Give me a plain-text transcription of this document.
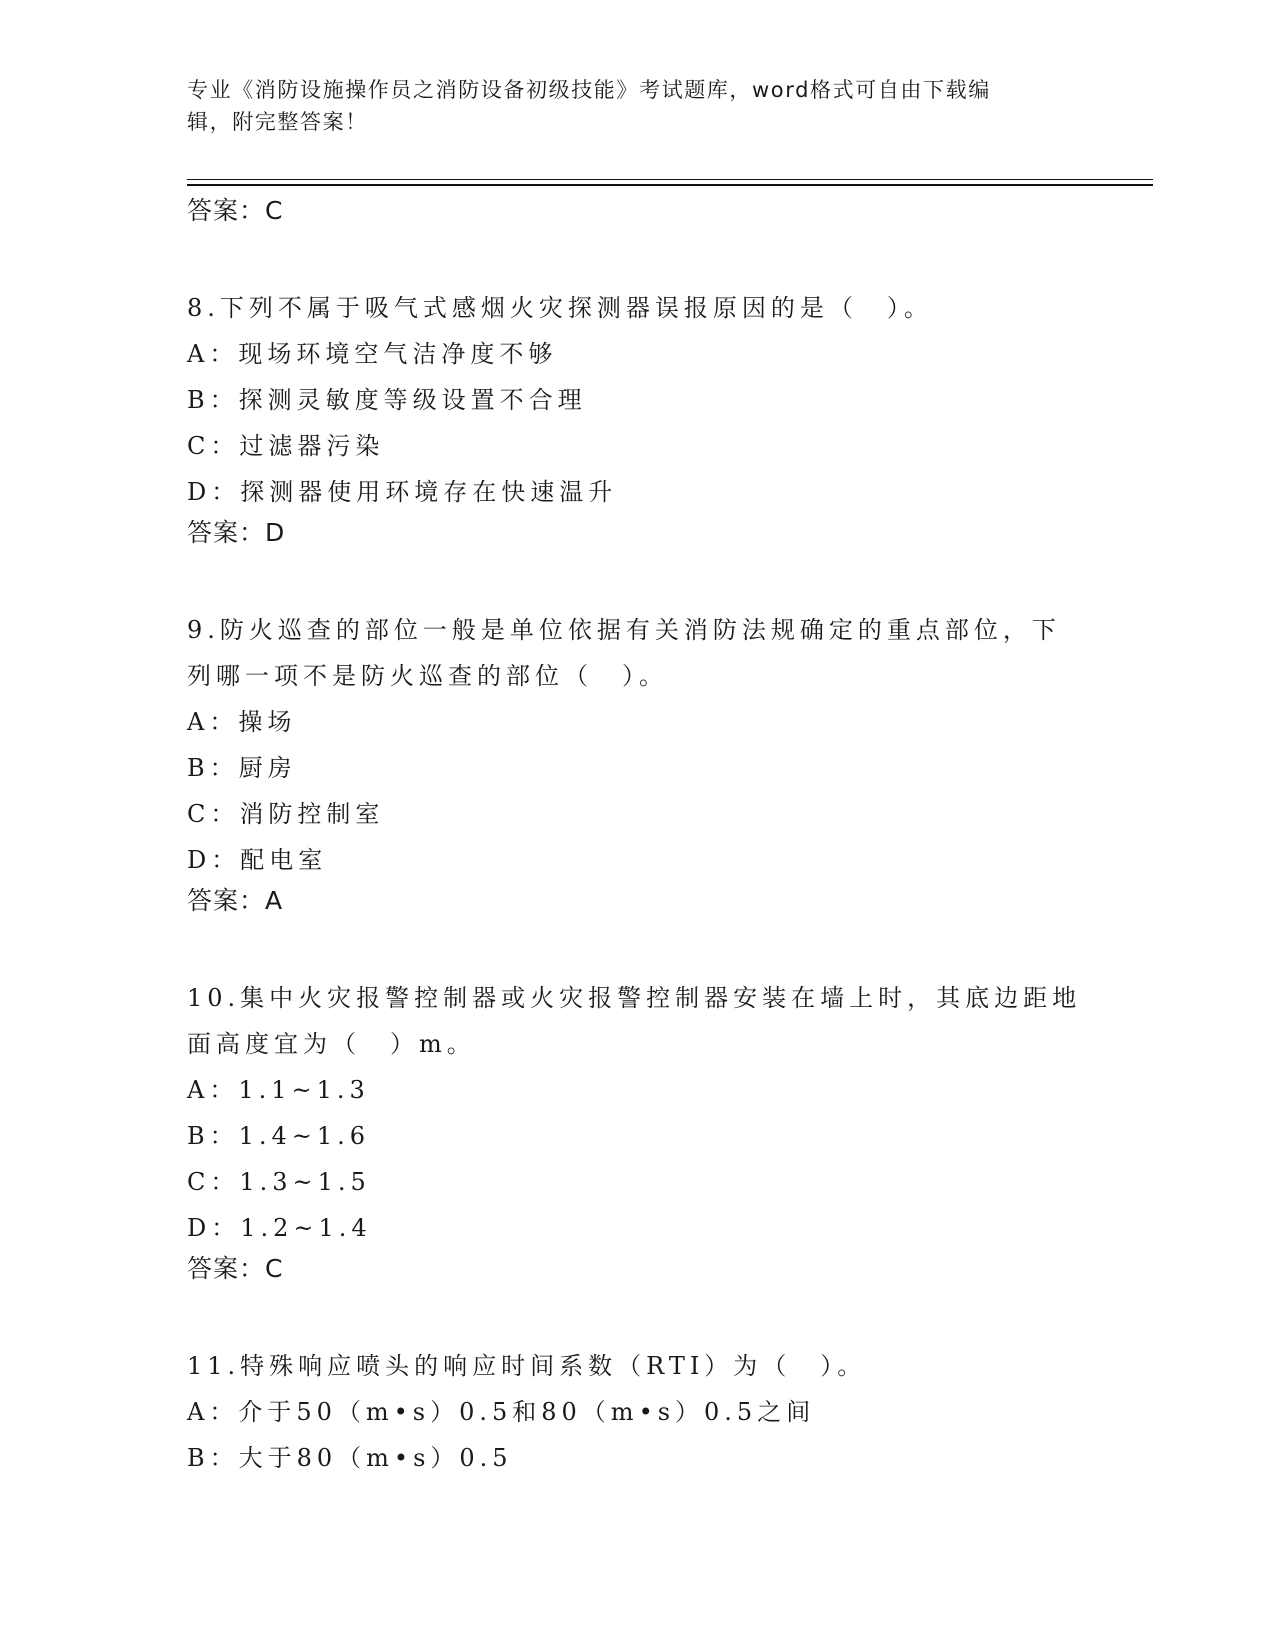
专业《消防设施操作员之消防设备初级技能》考试题库，word格式可自由下载编
辑，附完整答案！
答案：C
8.下列不属于吸气式感烟火灾探测器误报原因的是（　）。
A：现场环境空气洁净度不够
B：探测灵敏度等级设置不合理
C：过滤器污染
D：探测器使用环境存在快速温升
答案：D
9.防火巡查的部位一般是单位依据有关消防法规确定的重点部位，下
列哪一项不是防火巡查的部位（　）。
A：操场
B：厨房
C：消防控制室
D：配电室
答案：A
10.集中火灾报警控制器或火灾报警控制器安装在墙上时，其底边距地
面高度宜为（　）m。
A：1.1~1.3
B：1.4~1.6
C：1.3~1.5
D：1.2~1.4
答案：C
11.特殊响应喷头的响应时间系数（RTI）为（　）。
A：介于50（m•s）0.5和80（m•s）0.5之间
B：大于80（m•s）0.5
